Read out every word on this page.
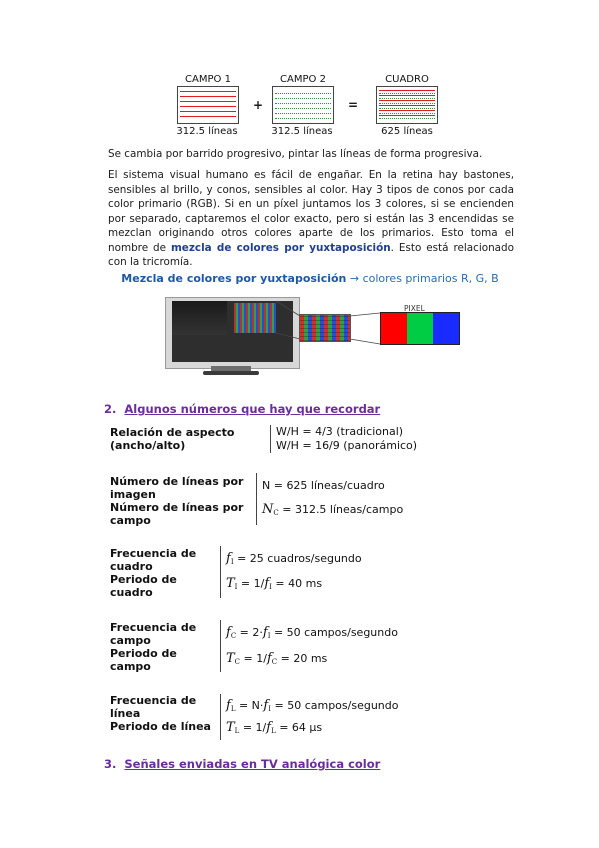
CAMPO 1
312.5 líneas
+
CAMPO 2
312.5 líneas
=
CUADRO
625 líneas

Se cambia por barrido progresivo, pintar las líneas de forma progresiva.

El sistema visual humano es fácil de engañar. En la retina hay bastones, sensibles al brillo, y conos, sensibles al color. Hay 3 tipos de conos por cada color primario (RGB). Si en un píxel juntamos los 3 colores, si se encienden por separado, captaremos el color exacto, pero si están las 3 encendidas se mezclan originando otros colores aparte de los primarios. Esto toma el nombre de mezcla de colores por yuxtaposición. Esto está relacionado con la tricromía.

Mezcla de colores por yuxtaposición → colores primarios R, G, B
PIXEL
2. Algunos números que hay que recordar
Relación de aspecto
(ancho/alto)
W/H = 4/3 (tradicional)
W/H = 16/9 (panorámico)
Número de líneas por
imagen
Número de líneas por
campo
N = 625 líneas/cuadro
$N_C = 312.5$ líneas/campo
Frecuencia de
cuadro
Periodo de
cuadro
$f_I = 25$ cuadros/segundo
$T_I = 1/f_I = 40$ ms
Frecuencia de
campo
Periodo de
campo
$f_C = 2\cdot f_I = 50$ campos/segundo
$T_C = 1/f_C = 20$ ms
Frecuencia de
línea
Periodo de línea
$f_L = N\cdot f_I = 50$ campos/segundo
$T_L = 1/f_L = 64$ µs
3. Señales enviadas en TV analógica color
